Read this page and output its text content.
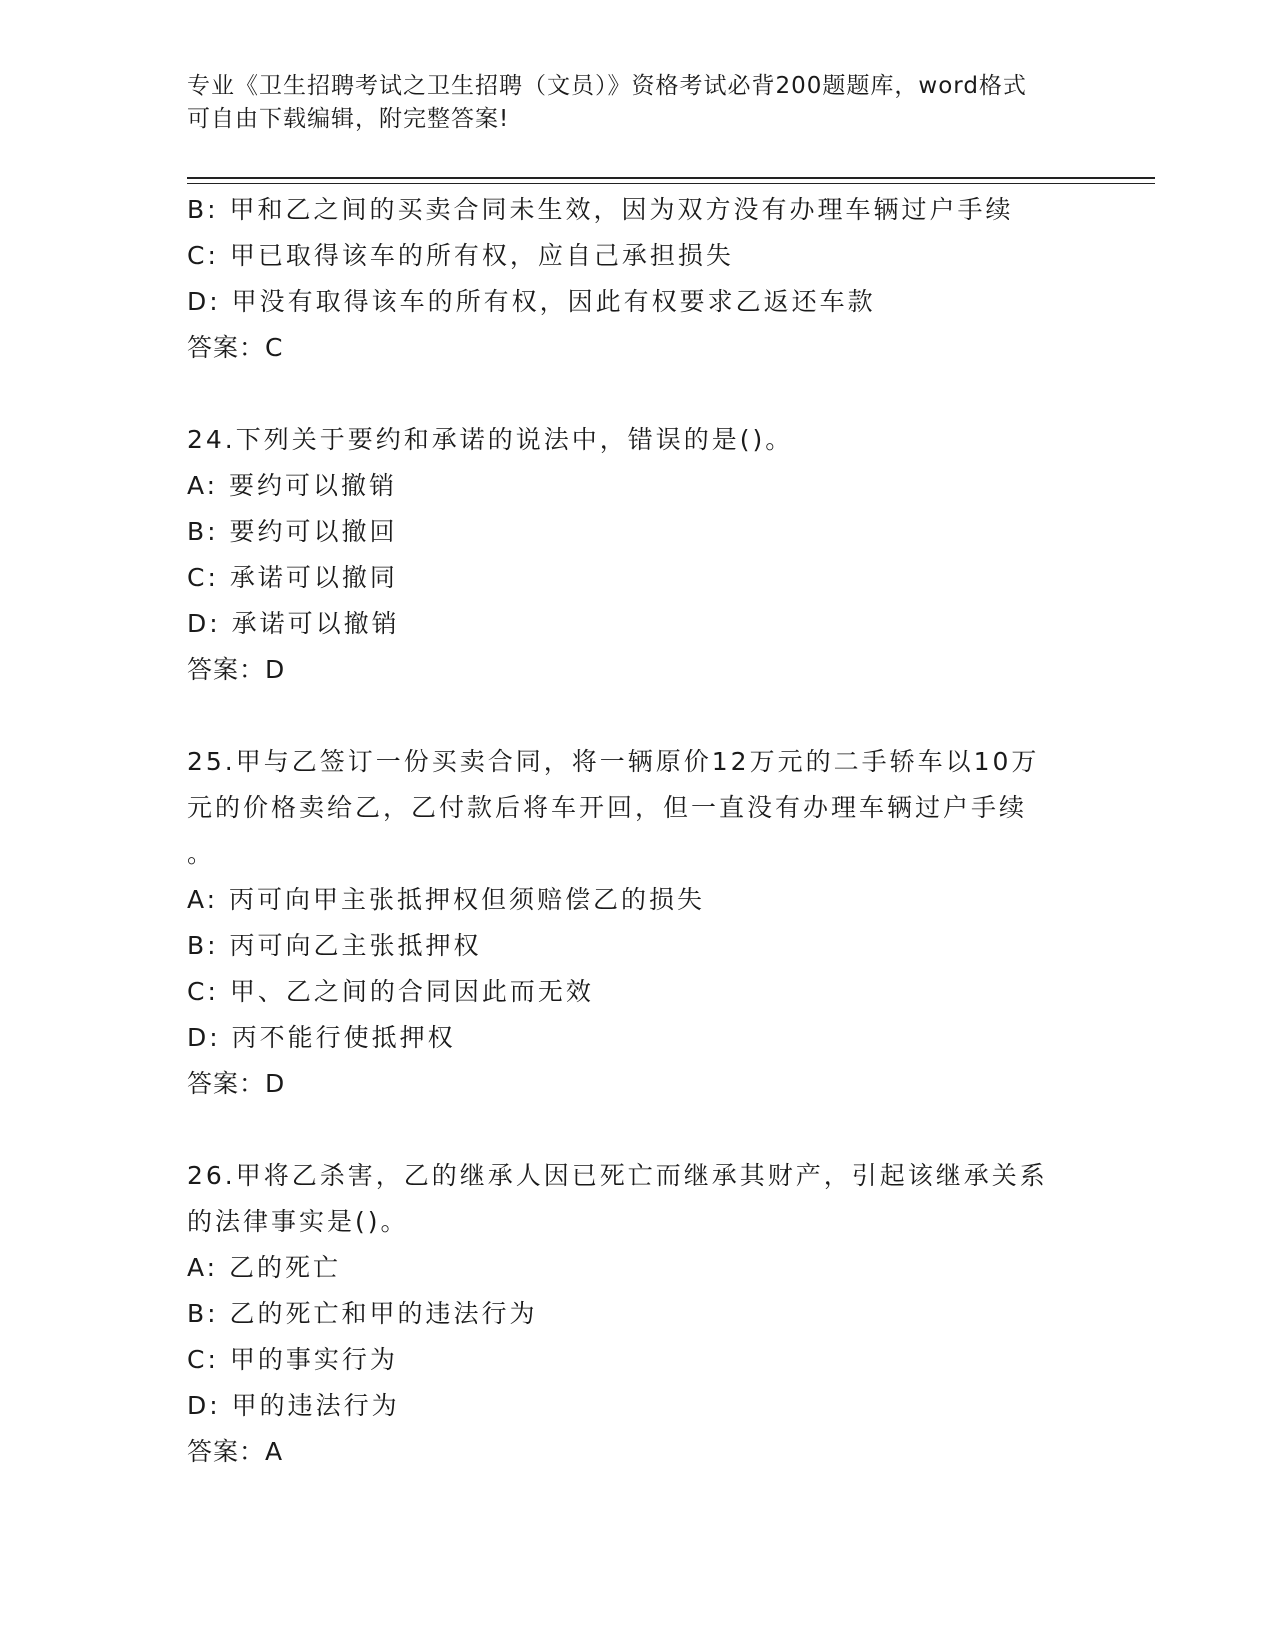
专业《卫生招聘考试之卫生招聘（文员）》资格考试必背200题题库，word格式
可自由下载编辑，附完整答案!

B: 甲和乙之间的买卖合同未生效，因为双方没有办理车辆过户手续

C: 甲已取得该车的所有权，应自己承担损失

D: 甲没有取得该车的所有权，因此有权要求乙返还车款

答案：C

24.下列关于要约和承诺的说法中，错误的是()。

A: 要约可以撤销

B: 要约可以撤回

C: 承诺可以撤同

D: 承诺可以撤销

答案：D

25.甲与乙签订一份买卖合同，将一辆原价12万元的二手轿车以10万

元的价格卖给乙，乙付款后将车开回，但一直没有办理车辆过户手续

。

A: 丙可向甲主张抵押权但须赔偿乙的损失

B: 丙可向乙主张抵押权

C: 甲、乙之间的合同因此而无效

D: 丙不能行使抵押权

答案：D

26.甲将乙杀害，乙的继承人因已死亡而继承其财产，引起该继承关系

的法律事实是()。

A: 乙的死亡

B: 乙的死亡和甲的违法行为

C: 甲的事实行为

D: 甲的违法行为

答案：A
